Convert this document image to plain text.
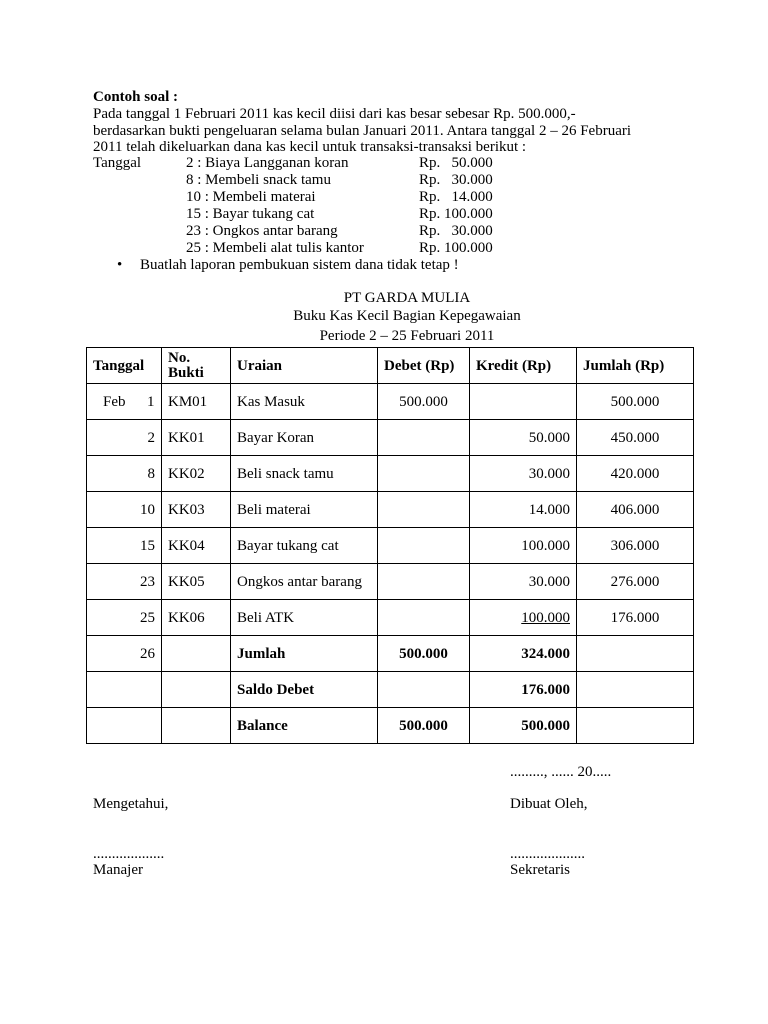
Contoh soal :
Pada tanggal 1 Februari 2011 kas kecil diisi dari kas besar sebesar Rp. 500.000,-
berdasarkan bukti pengeluaran selama bulan Januari 2011. Antara tanggal 2 – 26 Februari
2011 telah dikeluarkan dana kas kecil untuk transaksi-transaksi berikut :
Tanggal	2 : Biaya Langganan koran	Rp.   50.000
8 : Membeli snack tamu	Rp.   30.000
10 : Membeli materai	Rp.   14.000
15 : Bayar tukang cat	Rp. 100.000
23 : Ongkos antar barang	Rp.   30.000
25 : Membeli alat tulis kantor	Rp. 100.000
• Buatlah laporan pembukuan sistem dana tidak tetap !
PT GARDA MULIA
Buku Kas Kecil Bagian Kepegawaian
Periode 2 – 25 Februari 2011
Tanggal	No. Bukti	Uraian	Debet (Rp)	Kredit (Rp)	Jumlah (Rp)
Feb 1	KM01	Kas Masuk	500.000		500.000
2	KK01	Bayar Koran		50.000	450.000
8	KK02	Beli snack tamu		30.000	420.000
10	KK03	Beli materai		14.000	406.000
15	KK04	Bayar tukang cat		100.000	306.000
23	KK05	Ongkos antar barang		30.000	276.000
25	KK06	Beli ATK		100.000	176.000
26		Jumlah	500.000	324.000	
		Saldo Debet		176.000	
		Balance	500.000	500.000	
........., ...... 20.....
Mengetahui,	Dibuat Oleh,
...................	....................
Manajer	Sekretaris
